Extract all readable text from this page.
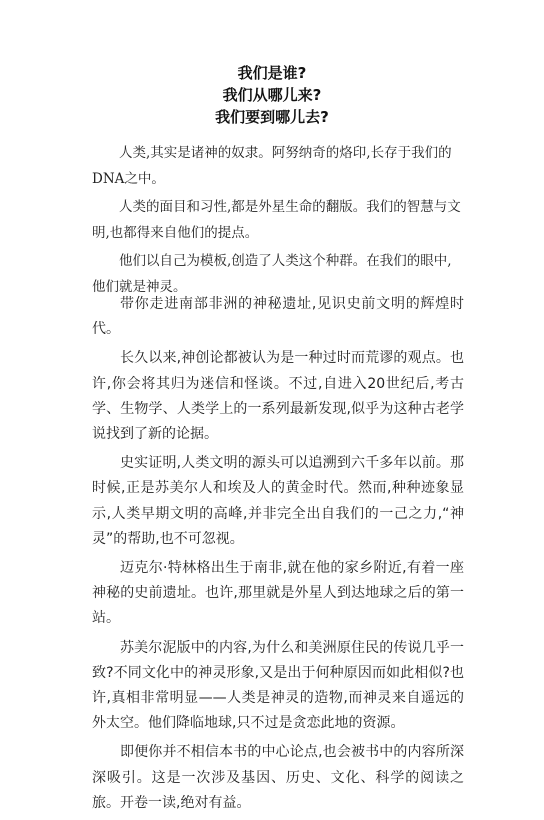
我们是谁?
我们从哪儿来?
我们要到哪儿去?

人类,其实是诸神的奴隶。阿努纳奇的烙印,长存于我们的DNA之中。

人类的面目和习性,都是外星生命的翻版。我们的智慧与文明,也都得来自他们的提点。

他们以自己为模板,创造了人类这个种群。在我们的眼中,他们就是神灵。

带你走进南部非洲的神秘遗址,见识史前文明的辉煌时代。

长久以来,神创论都被认为是一种过时而荒谬的观点。也许,你会将其归为迷信和怪谈。不过,自进入20世纪后,考古学、生物学、人类学上的一系列最新发现,似乎为这种古老学说找到了新的论据。

史实证明,人类文明的源头可以追溯到六千多年以前。那时候,正是苏美尔人和埃及人的黄金时代。然而,种种迹象显示,人类早期文明的高峰,并非完全出自我们的一己之力,“神灵”的帮助,也不可忽视。

迈克尔·特林格出生于南非,就在他的家乡附近,有着一座神秘的史前遗址。也许,那里就是外星人到达地球之后的第一站。

苏美尔泥版中的内容,为什么和美洲原住民的传说几乎一致?不同文化中的神灵形象,又是出于何种原因而如此相似?也许,真相非常明显——人类是神灵的造物,而神灵来自遥远的外太空。他们降临地球,只不过是贪恋此地的资源。

即便你并不相信本书的中心论点,也会被书中的内容所深深吸引。这是一次涉及基因、历史、文化、科学的阅读之旅。开卷一读,绝对有益。
